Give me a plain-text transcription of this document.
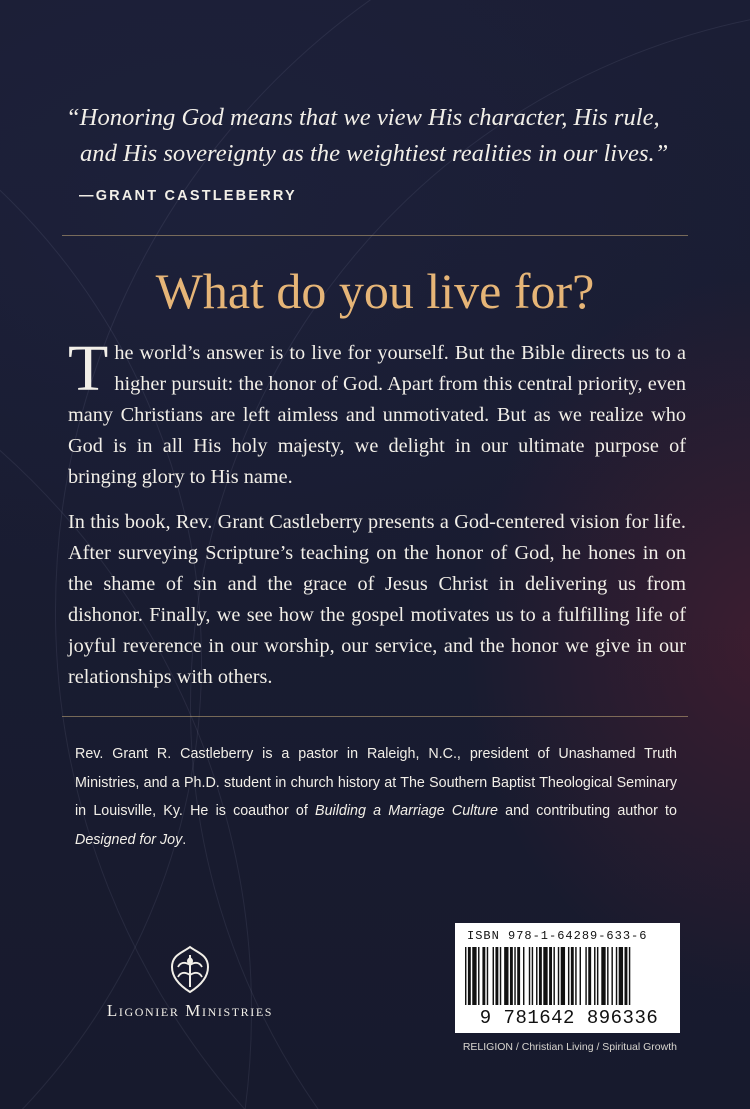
“Honoring God means that we view His character, His rule,
and His sovereignty as the weightiest realities in our lives.”
—GRANT CASTLEBERRY
What do you live for?
The world’s answer is to live for yourself. But the Bible directs us to a higher pursuit: the honor of God. Apart from this central priority, even many Christians are left aimless and unmotivated. But as we realize who God is in all His holy majesty, we delight in our ultimate purpose of bringing glory to His name.
In this book, Rev. Grant Castleberry presents a God-centered vision for life. After surveying Scripture’s teaching on the honor of God, he hones in on the shame of sin and the grace of Jesus Christ in delivering us from dishonor. Finally, we see how the gospel motivates us to a fulfilling life of joyful reverence in our worship, our service, and the honor we give in our relationships with others.
Rev. Grant R. Castleberry is a pastor in Raleigh, N.C., president of Unashamed Truth Ministries, and a Ph.D. student in church history at The Southern Baptist Theological Seminary in Louisville, Ky. He is coauthor of Building a Marriage Culture and contributing author to Designed for Joy.
Ligonier Ministries
ISBN 978-1-64289-633-6
9 781642 896336
RELIGION / Christian Living / Spiritual Growth
